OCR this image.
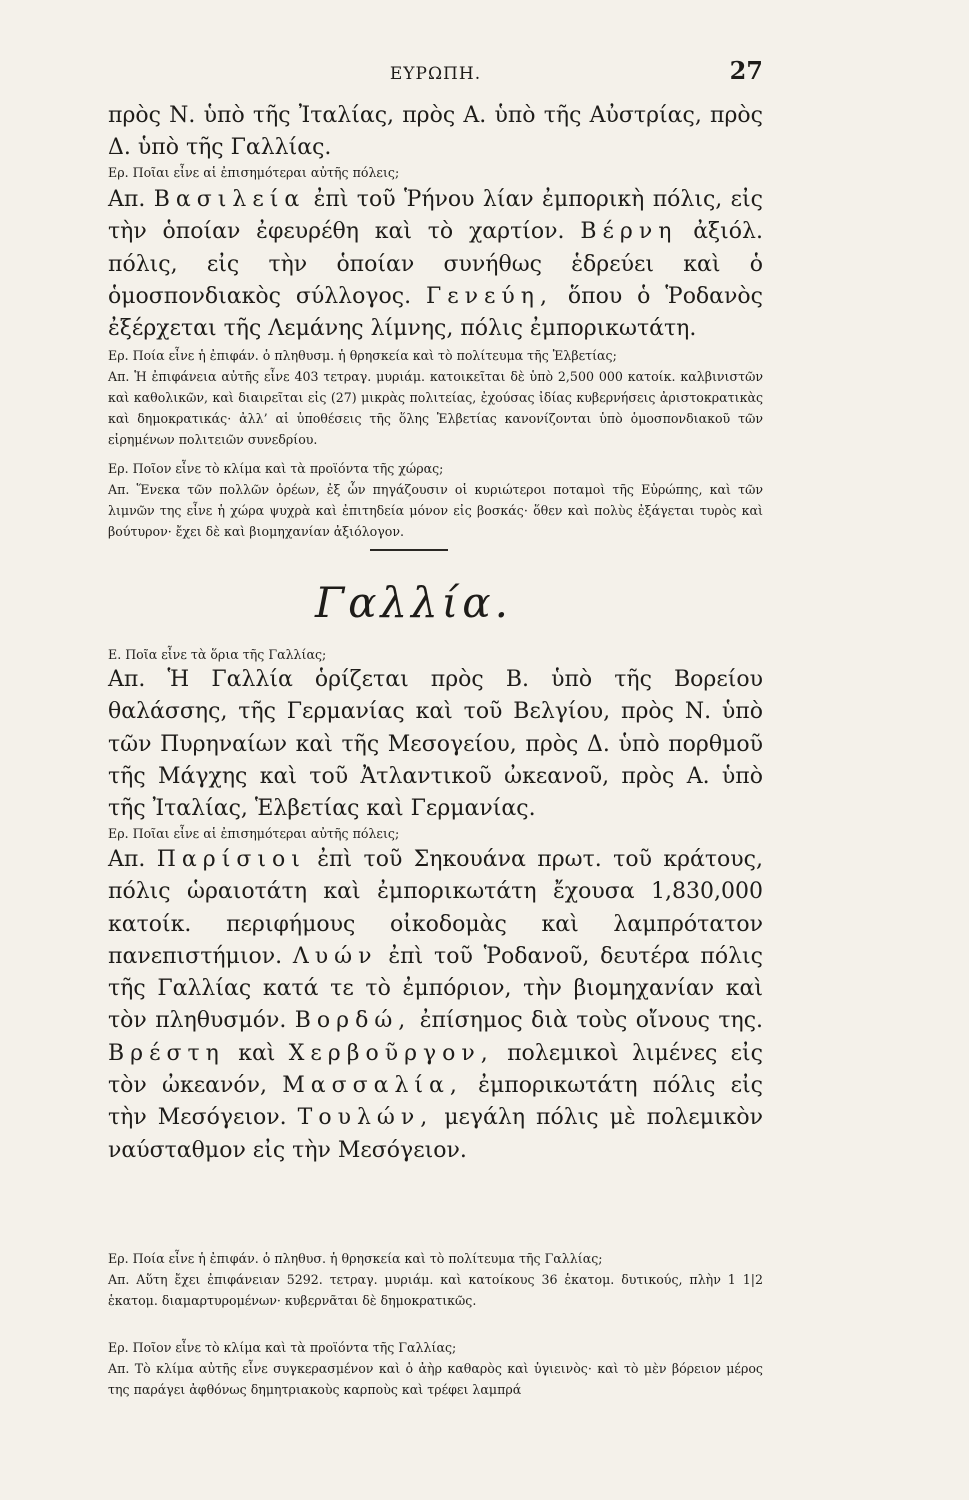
ΕΥΡΩΠΗ.	27

πρὸς Ν. ὑπὸ τῆς Ἰταλίας, πρὸς Α. ὑπὸ τῆς Αὐστρίας, πρὸς Δ. ὑπὸ τῆς Γαλλίας.

Ερ. Ποῖαι εἶνε αἱ ἐπισημότεραι αὐτῆς πόλεις;

Απ. Βασιλεία ἐπὶ τοῦ Ῥήνου λίαν ἐμπορικὴ πόλις, εἰς τὴν ὁποίαν ἐφευρέθη καὶ τὸ χαρτίον. Βέρνη ἀξιόλ. πόλις, εἰς τὴν ὁποίαν συνήθως ἑδρεύει καὶ ὁ ὁμοσπονδιακὸς σύλλογος. Γενεύη, ὅπου ὁ Ῥοδανὸς ἐξέρχεται τῆς Λεμάνης λίμνης, πόλις ἐμπορικωτάτη.

Ερ. Ποία εἶνε ἡ ἐπιφάν. ὁ πληθυσμ. ἡ θρησκεία καὶ τὸ πολίτευμα τῆς Ἑλβετίας;

Απ. Ἡ ἐπιφάνεια αὐτῆς εἶνε 403 τετραγ. μυριάμ. κατοικεῖται δὲ ὑπὸ 2,500 000 κατοίκ. καλβινιστῶν καὶ καθολικῶν, καὶ διαιρεῖται εἰς (27) μικρὰς πολιτείας, ἐχούσας ἰδίας κυβερνήσεις ἀριστοκρατικὰς καὶ δημοκρατικάς· ἀλλ’ αἱ ὑποθέσεις τῆς ὅλης Ἑλβετίας κανονίζονται ὑπὸ ὁμοσπονδιακοῦ τῶν εἰρημένων πολιτειῶν συνεδρίου.

Ερ. Ποῖον εἶνε τὸ κλίμα καὶ τὰ προϊόντα τῆς χώρας;

Απ. Ἕνεκα τῶν πολλῶν ὀρέων, ἐξ ὧν πηγάζουσιν οἱ κυριώτεροι ποταμοὶ τῆς Εὐρώπης, καὶ τῶν λιμνῶν της εἶνε ἡ χώρα ψυχρὰ καὶ ἐπιτηδεία μόνον εἰς βοσκάς· ὅθεν καὶ πολὺς ἐξάγεται τυρὸς καὶ βούτυρον· ἔχει δὲ καὶ βιομηχανίαν ἀξιόλογον.

Γαλλία.
Ε. Ποῖα εἶνε τὰ ὅρια τῆς Γαλλίας;

Απ. Ἡ Γαλλία ὁρίζεται πρὸς Β. ὑπὸ τῆς Βορείου θαλάσσης, τῆς Γερμανίας καὶ τοῦ Βελγίου, πρὸς Ν. ὑπὸ τῶν Πυρηναίων καὶ τῆς Μεσογείου, πρὸς Δ. ὑπὸ πορθμοῦ τῆς Μάγχης καὶ τοῦ Ἀτλαντικοῦ ὠκεανοῦ, πρὸς Α. ὑπὸ τῆς Ἰταλίας, Ἑλβετίας καὶ Γερμανίας.

Ερ. Ποῖαι εἶνε αἱ ἐπισημότεραι αὐτῆς πόλεις;

Απ. Παρίσιοι ἐπὶ τοῦ Σηκουάνα πρωτ. τοῦ κράτους, πόλις ὡραιοτάτη καὶ ἐμπορικωτάτη ἔχουσα 1,830,000 κατοίκ. περιφήμους οἰκοδομὰς καὶ λαμπρότατον πανεπιστήμιον. Λυών ἐπὶ τοῦ Ῥοδανοῦ, δευτέρα πόλις τῆς Γαλλίας κατά τε τὸ ἐμπόριον, τὴν βιομηχανίαν καὶ τὸν πληθυσμόν. Βορδώ, ἐπίσημος διὰ τοὺς οἴνους της. Βρέστη καὶ Χερβοῦργον, πολεμικοὶ λιμένες εἰς τὸν ὠκεανόν, Μασσαλία, ἐμπορικωτάτη πόλις εἰς τὴν Μεσόγειον. Τουλών, μεγάλη πόλις μὲ πολεμικὸν ναύσταθμον εἰς τὴν Μεσόγειον.

Ερ. Ποία εἶνε ἡ ἐπιφάν. ὁ πληθυσ. ἡ θρησκεία καὶ τὸ πολίτευμα τῆς Γαλλίας;

Απ. Αὕτη ἔχει ἐπιφάνειαν 5292. τετραγ. μυριάμ. καὶ κατοίκους 36 ἑκατομ. δυτικούς, πλὴν 1 1|2 ἑκατομ. διαμαρτυρομένων· κυβερνᾶται δὲ δημοκρατικῶς.

Ερ. Ποῖον εἶνε τὸ κλίμα καὶ τὰ προϊόντα τῆς Γαλλίας;

Απ. Τὸ κλίμα αὐτῆς εἶνε συγκερασμένον καὶ ὁ ἀὴρ καθαρὸς καὶ ὑγιεινὸς· καὶ τὸ μὲν βόρειον μέρος της παράγει ἀφθόνως δημητριακοὺς καρποὺς καὶ τρέφει λαμπρά
